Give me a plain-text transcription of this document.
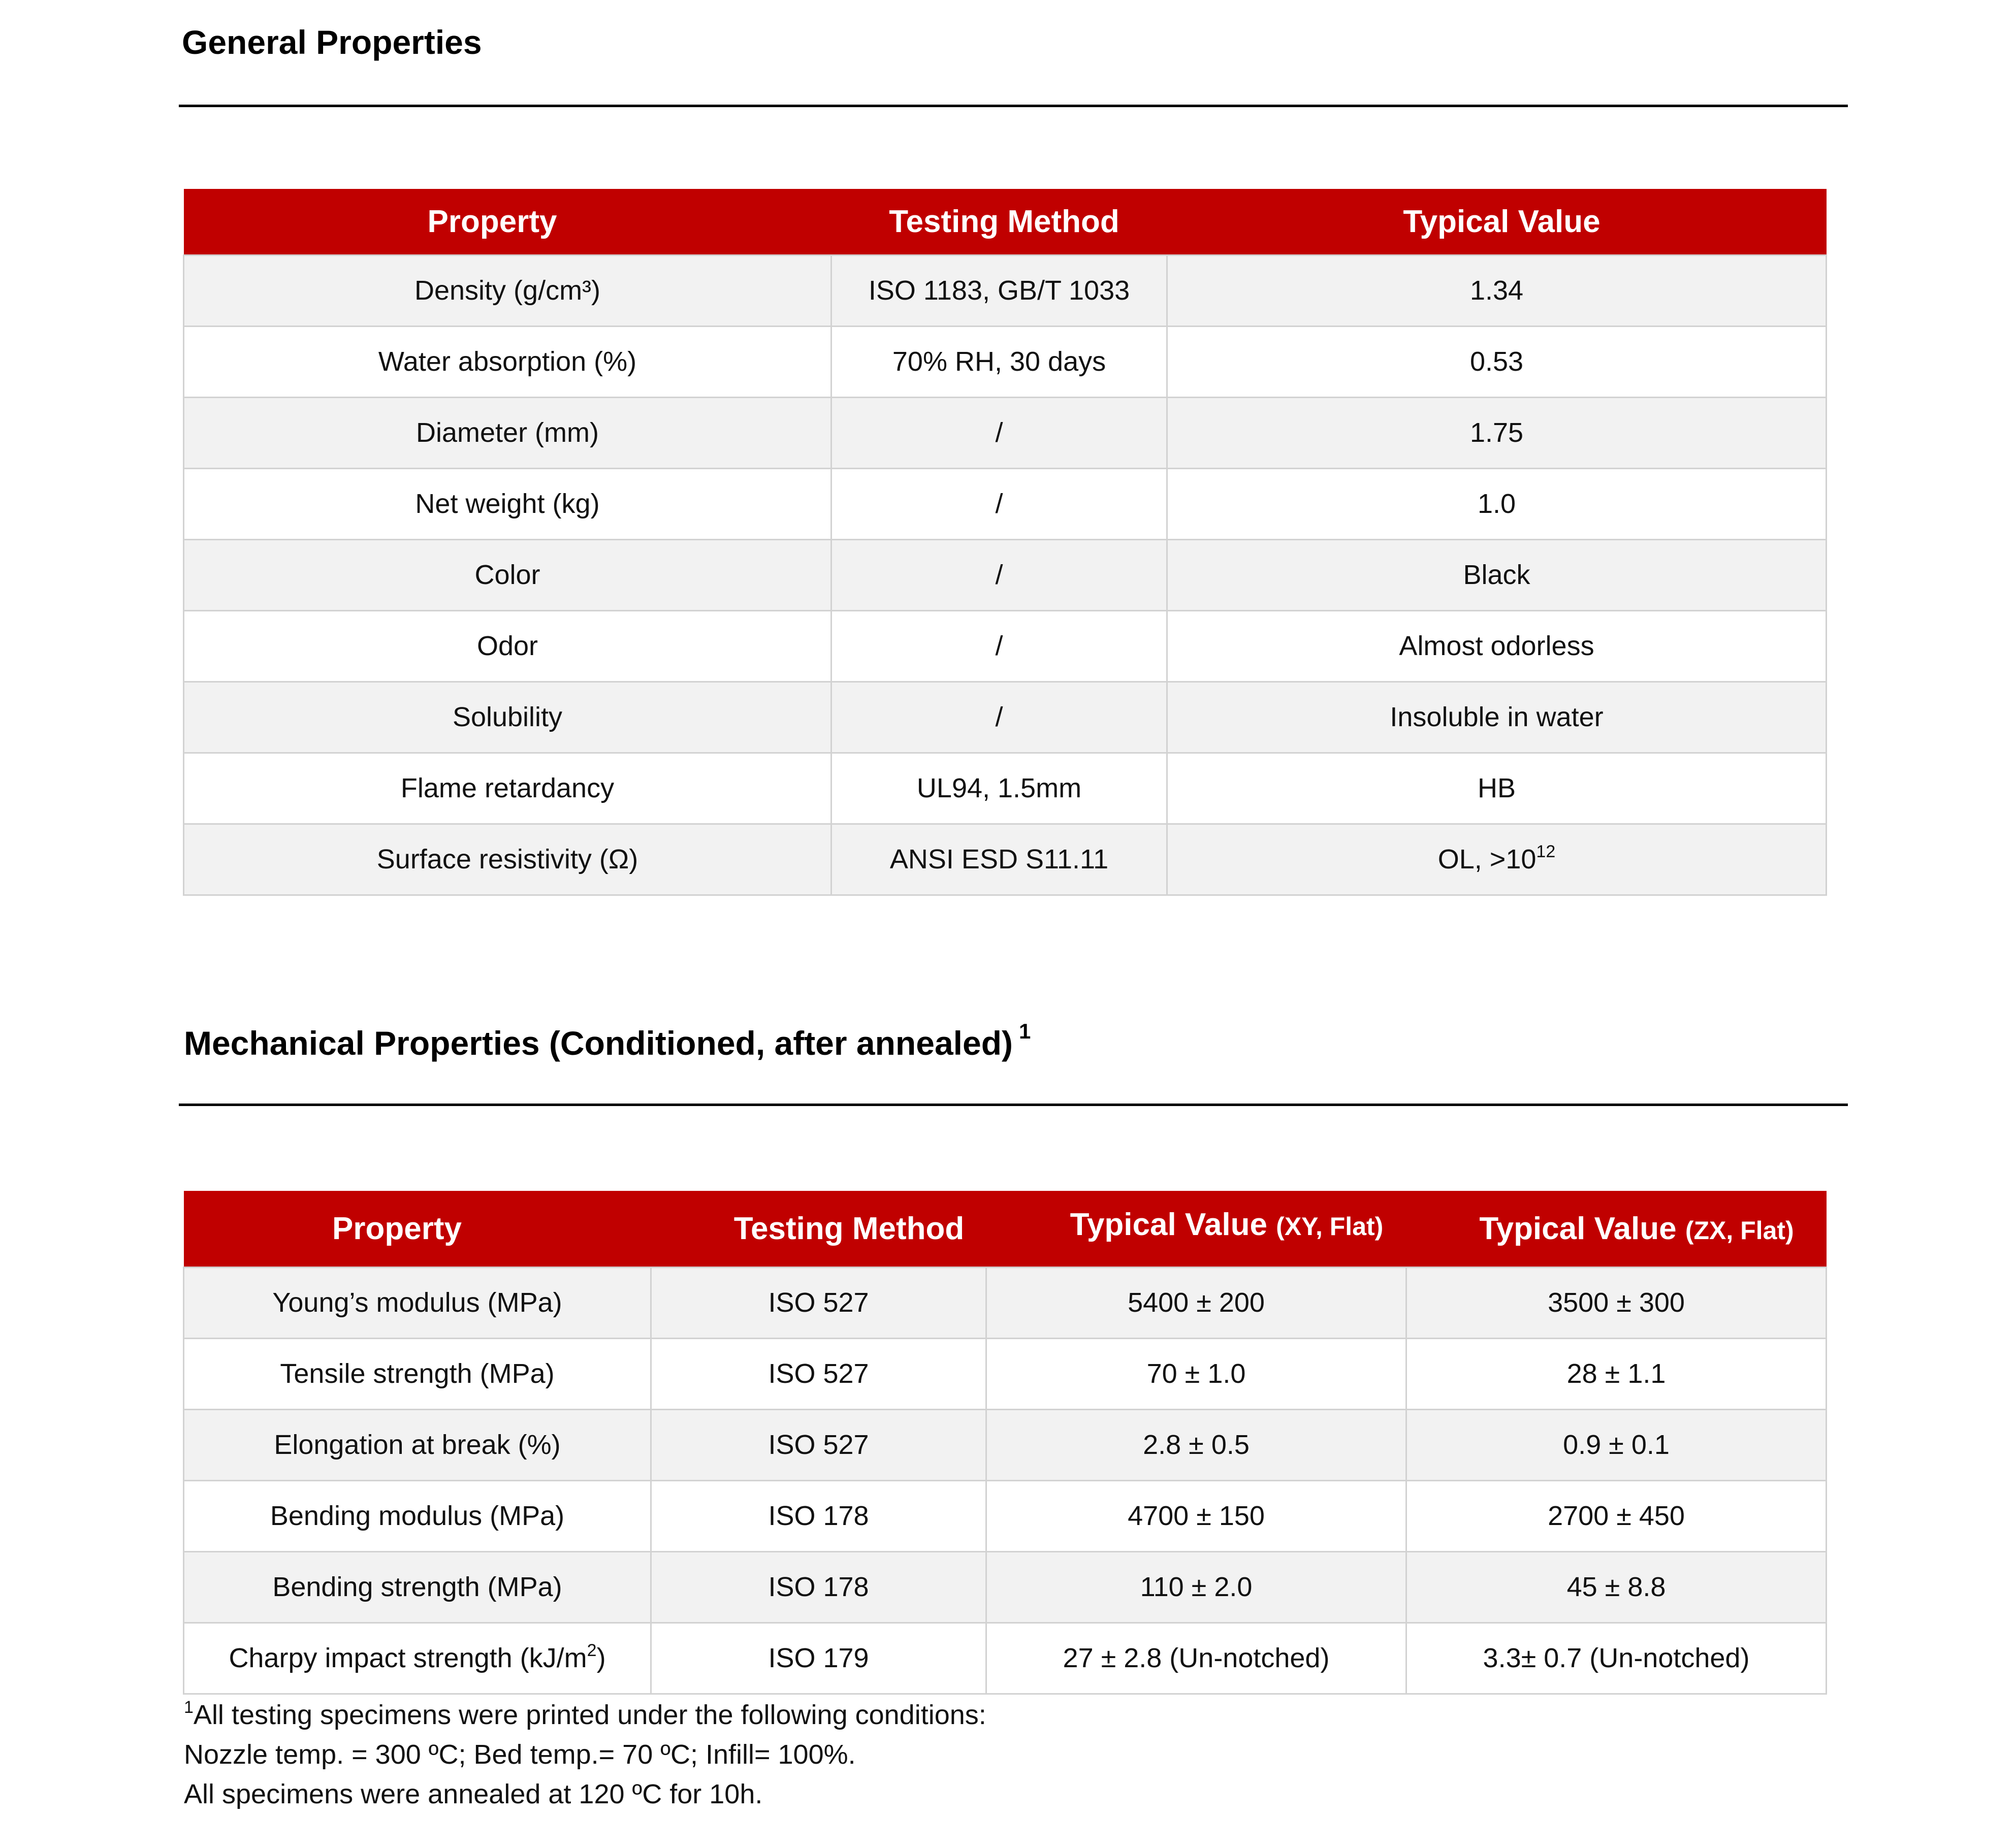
General Properties
Property	Testing Method	Typical Value
Density (g/cm³)	ISO 1183, GB/T 1033	1.34
Water absorption (%)	70% RH, 30 days	0.53
Diameter (mm)	/	1.75
Net weight (kg)	/	1.0
Color	/	Black
Odor	/	Almost odorless
Solubility	/	Insoluble in water
Flame retardancy	UL94, 1.5mm	HB
Surface resistivity (Ω)	ANSI ESD S11.11	OL, $>10^{12}$
Mechanical Properties (Conditioned, after annealed) $^1$
Property	Testing Method	Typical Value (XY, Flat)	Typical Value (ZX, Flat)
Young’s modulus (MPa)	ISO 527	5400 ± 200	3500 ± 300
Tensile strength (MPa)	ISO 527	70 ± 1.0	28 ± 1.1
Elongation at break (%)	ISO 527	2.8 ± 0.5	0.9 ± 0.1
Bending modulus (MPa)	ISO 178	4700 ± 150	2700 ± 450
Bending strength (MPa)	ISO 178	110 ± 2.0	45 ± 8.8
Charpy impact strength $(kJ/m^2)$	ISO 179	27 ± 2.8 (Un-notched)	3.3± 0.7 (Un-notched)
$^1$All testing specimens were printed under the following conditions:
Nozzle temp. = 300 ºC; Bed temp.= 70 ºC; Infill= 100%.
All specimens were annealed at 120 ºC for 10h.
